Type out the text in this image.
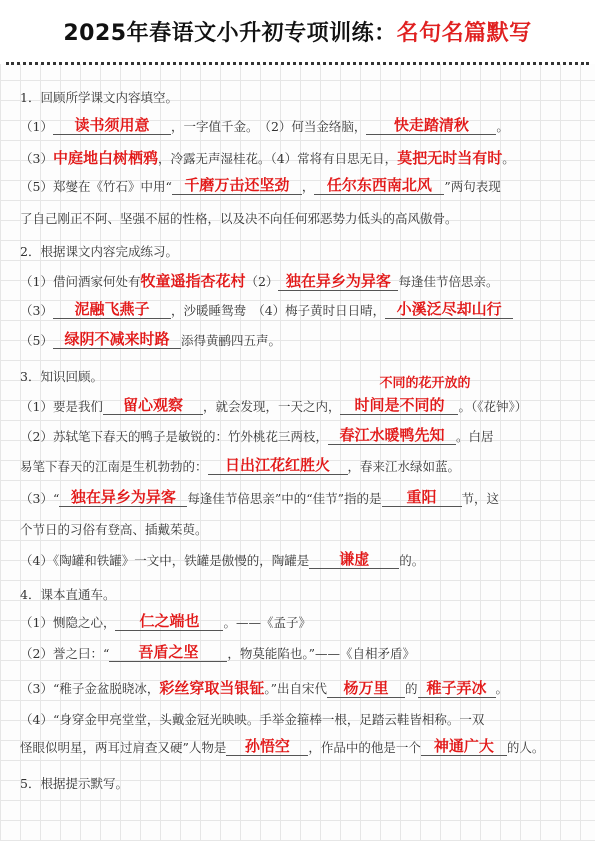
2025年春语文小升初专项训练：名句名篇默写
1．回顾所学课文内容填空。
（1） 读书须用意 ，一字值千金。　（2）何当金络脑， 快走踏清秋 。
（3）中庭地白树栖鸦，冷露无声湿桂花。（4）常将有日思无日，莫把无时当有时。
（5）郑燮在《竹石》中用“ 千磨万击还坚劲 ， 任尔东西南北风 ”两句表现
了自己刚正不阿、坚强不屈的性格，以及决不向任何邪恶势力低头的高风傲骨。
2．根据课文内容完成练习。
（1）借问酒家何处有牧童遥指杏花村（2） 独在异乡为异客 每逢佳节倍思亲。
（3） 泥融飞燕子 ，沙暖睡鸳鸯　（4）梅子黄时日日晴， 小溪泛尽却山行
（5） 绿阴不减来时路 添得黄鹂四五声。
3．知识回顾。	不同的花开放的
（1）要是我们 留心观察 ，就会发现，一天之内， 时间是不同的 。（《花钟》）
（2）苏轼笔下春天的鸭子是敏锐的：竹外桃花三两枝， 春江水暖鸭先知 。白居
易笔下春天的江南是生机勃勃的： 日出江花红胜火 ，春来江水绿如蓝。
（3）“ 独在异乡为异客 每逢佳节倍思亲”中的“佳节”指的是 重阳 节，这
个节日的习俗有登高、插戴茱萸。
（4）《陶罐和铁罐》一文中，铁罐是傲慢的，陶罐是 谦虚 的。
4．课本直通车。
（1）恻隐之心， 仁之端也 。——《孟子》
（2）誉之曰：“ 吾盾之坚 ，物莫能陷也。”——《自相矛盾》
（3）“稚子金盆脱晓冰，彩丝穿取当银钲。”出自宋代 杨万里 的 稚子弄冰 。
（4）“身穿金甲亮堂堂，头戴金冠光映映。手举金箍棒一根，足踏云鞋皆相称。一双
怪眼似明星，两耳过肩查又硬”人物是 孙悟空 ，作品中的他是一个 神通广大 的人。
5．根据提示默写。
